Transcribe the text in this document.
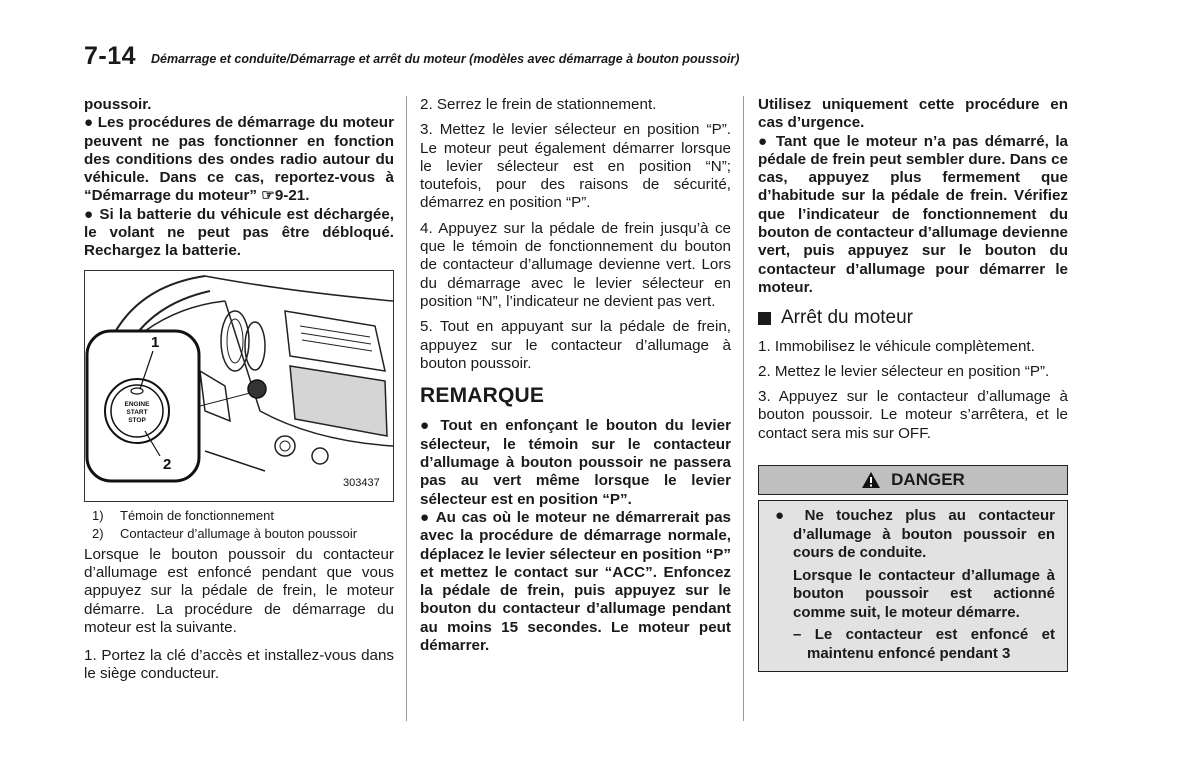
7-14 Démarrage et conduite/Démarrage et arrêt du moteur (modèles avec démarrage à bouton poussoir)

poussoir.

● Les procédures de démarrage du moteur peuvent ne pas fonctionner en fonction des conditions des ondes radio autour du véhicule. Dans ce cas, reportez-vous à “Démarrage du moteur” ☞9-21.

● Si la batterie du véhicule est déchargée, le volant ne peut pas être débloqué. Rechargez la batterie.

ENGINE
START
STOP
1
2
303437
1)	Témoin de fonctionnement
2)	Contacteur d’allumage à bouton poussoir

Lorsque le bouton poussoir du contacteur d’allumage est enfoncé pendant que vous appuyez sur la pédale de frein, le moteur démarre. La procédure de démarrage du moteur est la suivante.

1. Portez la clé d’accès et installez-vous dans le siège conducteur.

2. Serrez le frein de stationnement.

3. Mettez le levier sélecteur en position “P”. Le moteur peut également démarrer lorsque le levier sélecteur est en position “N”; toutefois, pour des raisons de sécurité, démarrez en position “P”.

4. Appuyez sur la pédale de frein jusqu’à ce que le témoin de fonctionnement du bouton de contacteur d’allumage devienne vert. Lors du démarrage avec le levier sélecteur en position “N”, l’indicateur ne devient pas vert.

5. Tout en appuyant sur la pédale de frein, appuyez sur le contacteur d’allumage à bouton poussoir.

REMARQUE

● Tout en enfonçant le bouton du levier sélecteur, le témoin sur le contacteur d’allumage à bouton poussoir ne passera pas au vert même lorsque le levier sélecteur est en position “P”.

● Au cas où le moteur ne démarrerait pas avec la procédure de démarrage normale, déplacez le levier sélecteur en position “P” et mettez le contact sur “ACC”. Enfoncez la pédale de frein, puis appuyez sur le bouton du contacteur d’allumage pendant au moins 15 secondes. Le moteur peut démarrer.

Utilisez uniquement cette procédure en cas d’urgence.

● Tant que le moteur n’a pas démarré, la pédale de frein peut sembler dure. Dans ce cas, appuyez plus fermement que d’habitude sur la pédale de frein. Vérifiez que l’indicateur de fonctionnement du bouton de contacteur d’allumage devienne vert, puis appuyez sur le bouton du contacteur d’allumage pour démarrer le moteur.

Arrêt du moteur

1. Immobilisez le véhicule complètement.

2. Mettez le levier sélecteur en position “P”.

3. Appuyez sur le contacteur d’allumage à bouton poussoir. Le moteur s’arrêtera, et le contact sera mis sur OFF.

DANGER

● Ne touchez plus au contacteur d’allumage à bouton poussoir en cours de conduite.

Lorsque le contacteur d’allumage à bouton poussoir est actionné comme suit, le moteur démarre.

– Le contacteur est enfoncé et maintenu enfoncé pendant 3
